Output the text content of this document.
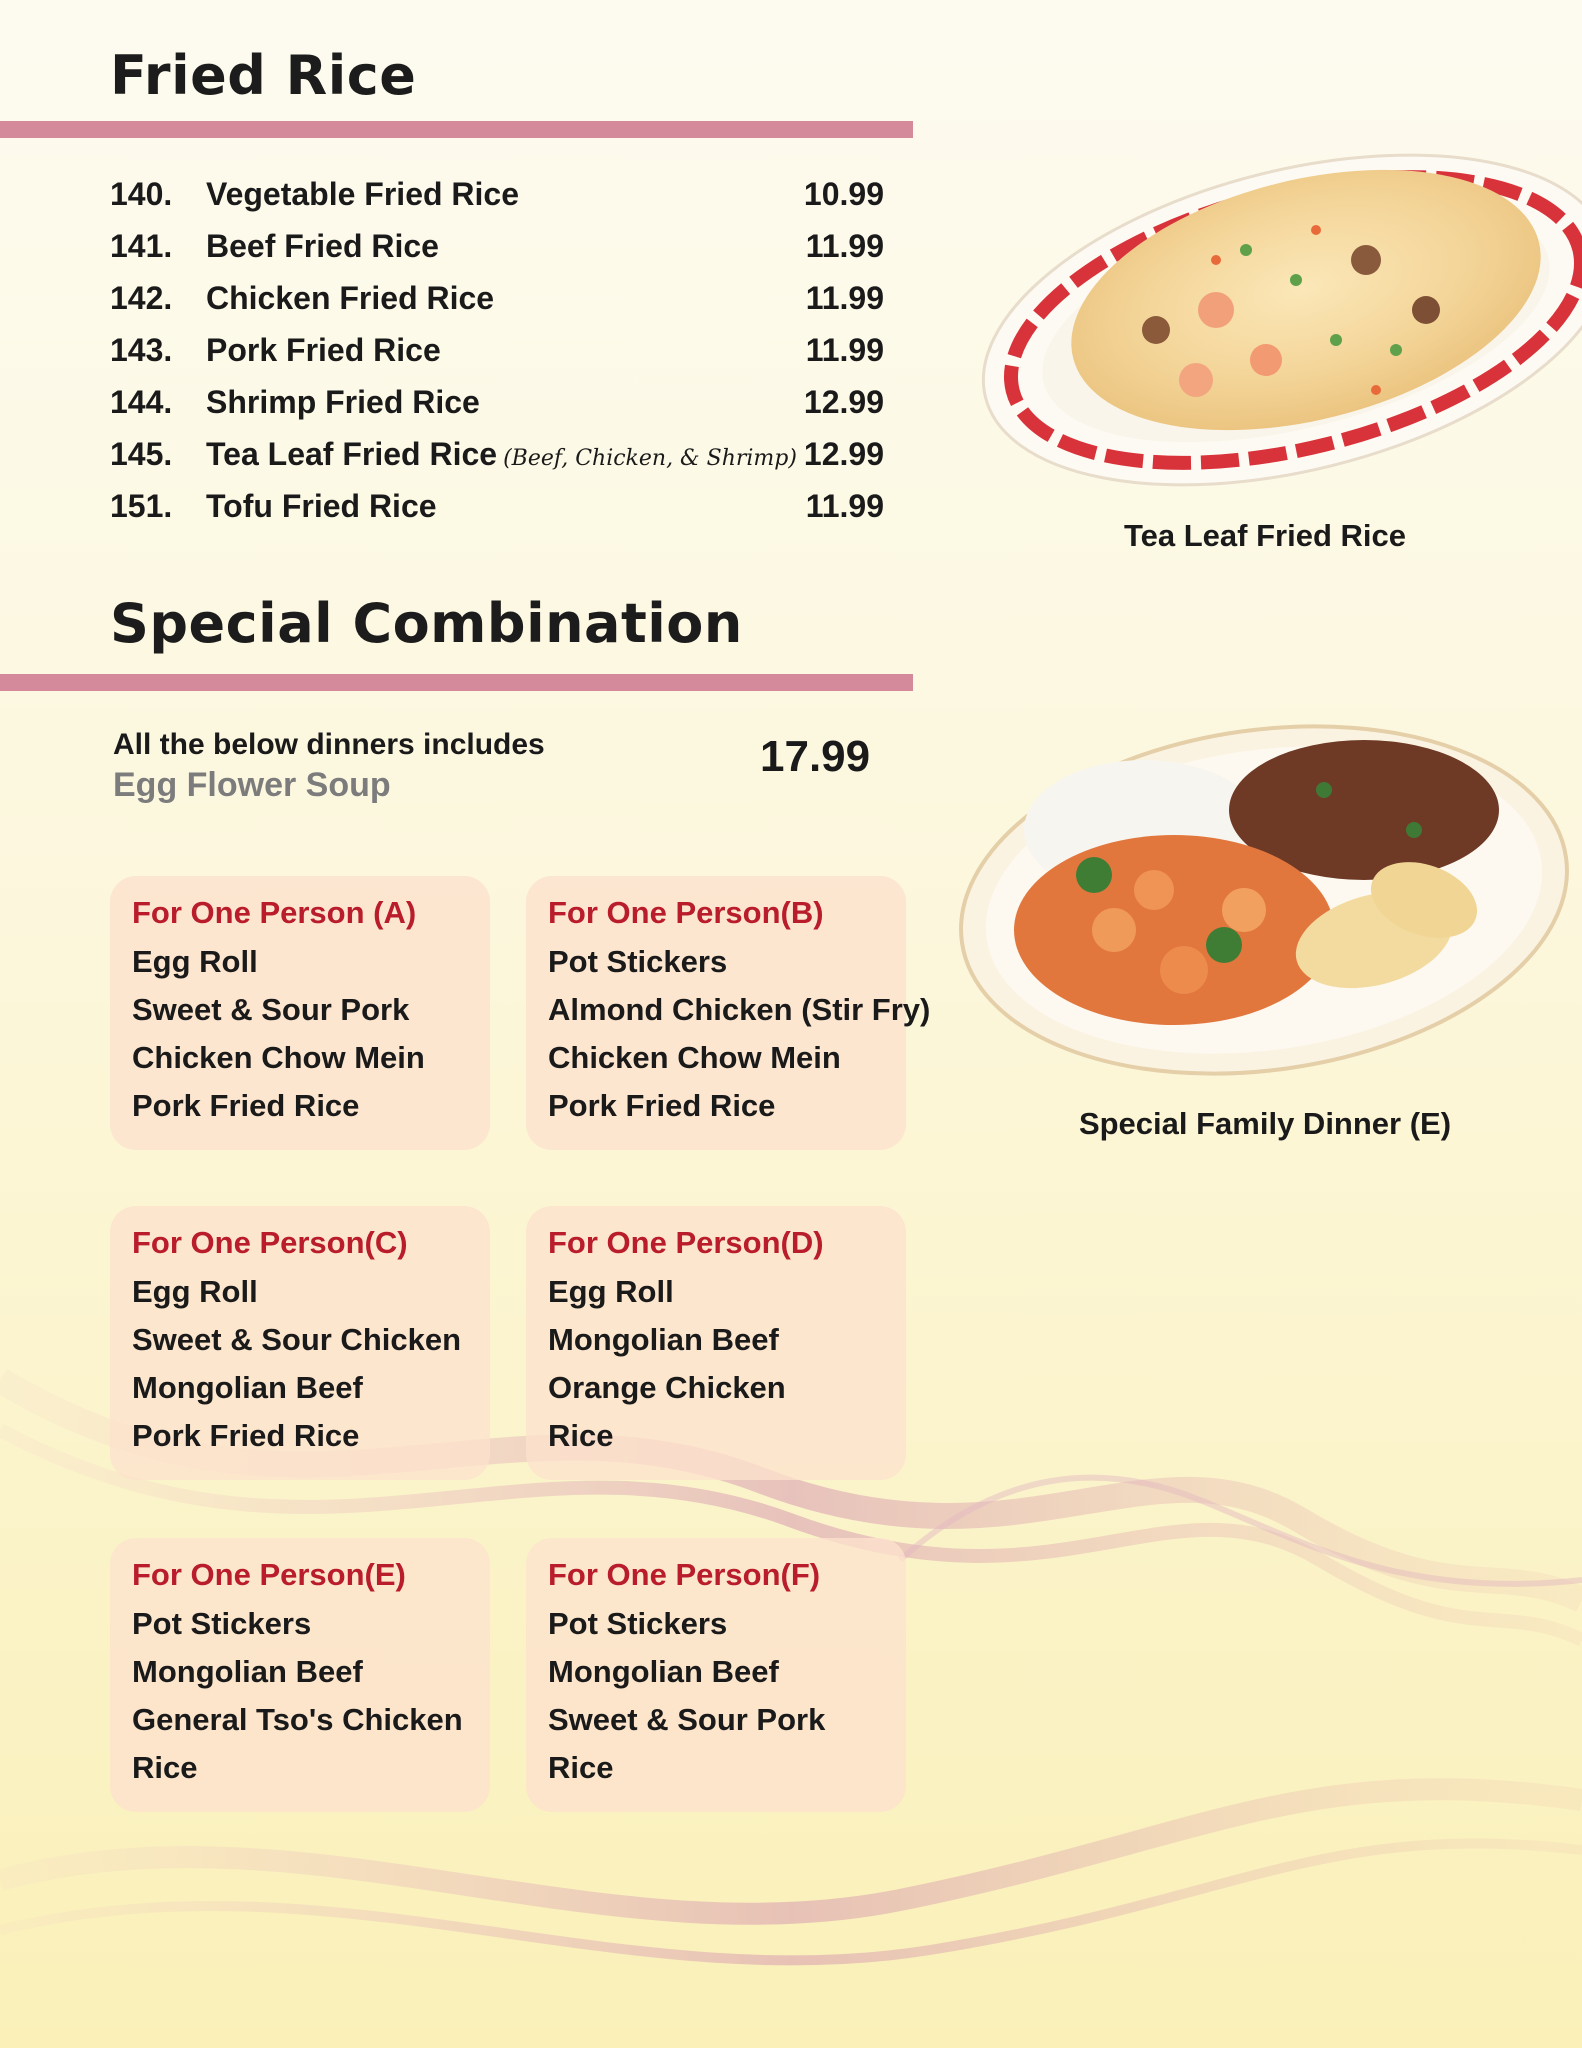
Fried Rice
140. Vegetable Fried Rice	10.99
141. Beef Fried Rice	11.99
142. Chicken Fried Rice	11.99
143. Pork Fried Rice	11.99
144. Shrimp Fried Rice	12.99
145. Tea Leaf Fried Rice (Beef, Chicken, & Shrimp) 12.99
151. Tofu Fried Rice	11.99
Tea Leaf Fried Rice
Special Combination
All the below dinners includes
Egg Flower Soup
17.99
For One Person (A)
Egg Roll
Sweet & Sour Pork
Chicken Chow Mein
Pork Fried Rice
For One Person(B)
Pot Stickers
Almond Chicken (Stir Fry)
Chicken Chow Mein
Pork Fried Rice
For One Person(C)
Egg Roll
Sweet & Sour Chicken
Mongolian Beef
Pork Fried Rice
For One Person(D)
Egg Roll
Mongolian Beef
Orange Chicken
Rice
For One Person(E)
Pot Stickers
Mongolian Beef
General Tso's Chicken
Rice
For One Person(F)
Pot Stickers
Mongolian Beef
Sweet & Sour Pork
Rice
Special Family Dinner (E)
